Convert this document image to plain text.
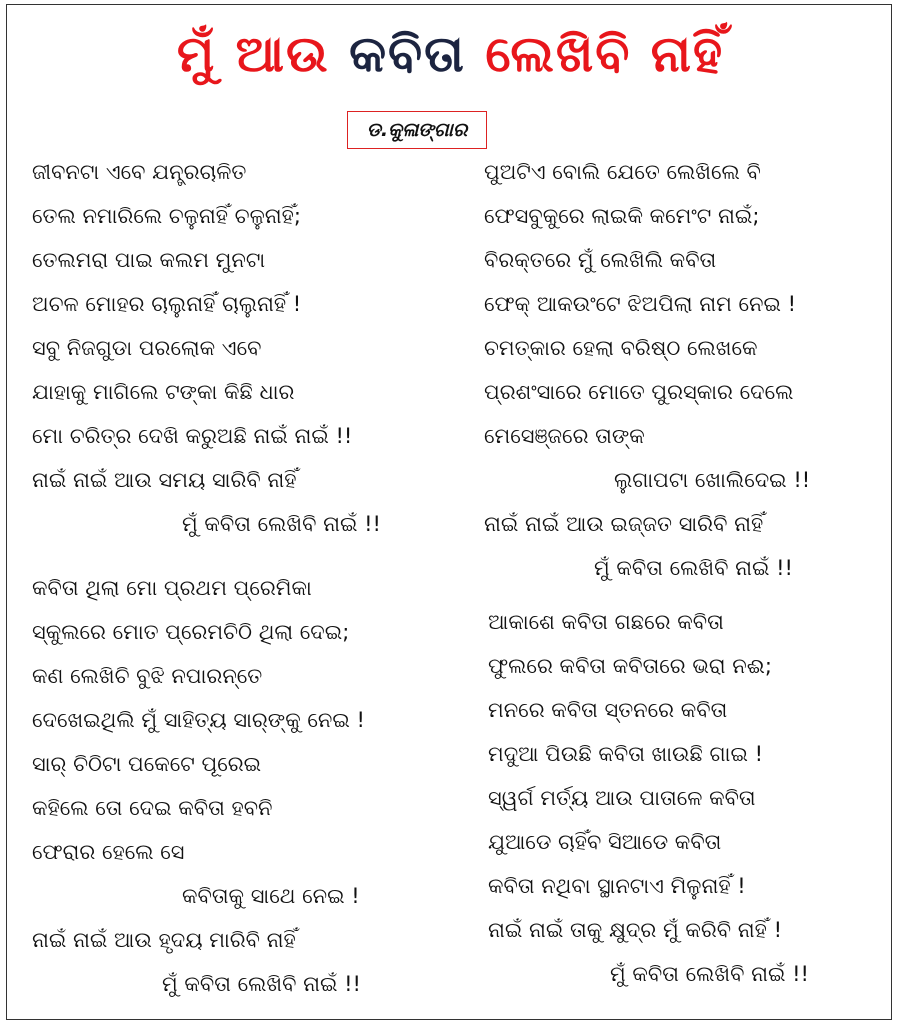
ମୁଁ ଆଉ କବିତା ଲେଖିବି ନାହିଁ
ଡ.କୁଳାଙ୍ଗାର
ଜୀବନଟା ଏବେ ଯନ୍ତ୍ରଚାଳିତ
ତେଲ ନମାରିଲେ ଚଳୁନାହିଁ ଚଳୁନାହିଁ;
ତେଲମରା ପାଇ କଲମ ମୁନଟା
ଅଚଳ ମୋହର ଚାଲୁନାହିଁ ଚାଲୁନାହିଁ !
ସବୁ ନିଜଗୁଡା ପରଲୋକ ଏବେ
ଯାହାକୁ ମାଗିଲେ ଟଙ୍କା କିଛି ଧାର
ମୋ ଚରିତ୍ର ଦେଖି କରୁଅଛି ନାଇଁ ନାଇଁ !!
ନାଇଁ ନାଇଁ ଆଉ ସମୟ ସାରିବି ନାହିଁ
ମୁଁ କବିତା ଲେଖିବି ନାଇଁ !!
କବିତା ଥିଲା ମୋ ପ୍ରଥମ ପ୍ରେମିକା
ସ୍କୁଲରେ ମୋତ ପ୍ରେମଚିଠି ଥିଲା ଦେଇ;
କଣ ଲେଖିଚି ବୁଝି ନପାରନ୍ତେ
ଦେଖେଇଥିଲି ମୁଁ ସାହିତ୍ୟ ସାର୍‌ଙ୍କୁ ନେଇ !
ସାର୍ ଚିଠିଟା ପକେଟେ ପୂରେଇ
କହିଲେ ତୋ ଦେଇ କବିତା ହବନି
ଫେରାର ହେଲେ ସେ
କବିତାକୁ ସାଥେ ନେଇ !
ନାଇଁ ନାଇଁ ଆଉ ହୃଦୟ ମାରିବି ନାହିଁ
ମୁଁ କବିତା ଲେଖିବି ନାଇଁ !!
ପୁଅଟିଏ ବୋଲି ଯେତେ ଲେଖିଲେ ବି
ଫେସବୁକୁରେ ଲାଇକି କମେଂଟ ନାଇଁ;
ବିରକ୍ତରେ ମୁଁ ଲେଖିଲି କବିତା
ଫେକ୍ ଆକଉଂଟେ ଝିଅପିଲା ନାମ ନେଇ !
ଚମତ୍କାର ହେଲା ବରିଷ୍ଠ ଲେଖକେ
ପ୍ରଶଂସାରେ ମୋତେ ପୁରସ୍କାର ଦେଲେ
ମେସେଞ୍ଜରେ ତାଙ୍କ
ଲୁଗାପଟା ଖୋଲିଦେଇ !!
ନାଇଁ ନାଇଁ ଆଉ ଇଜ୍ଜତ ସାରିବି ନାହିଁ
ମୁଁ କବିତା ଲେଖିବି ନାଇଁ !!
ଆକାଶେ କବିତା ଗଛରେ କବିତା
ଫୁଲରେ କବିତା କବିତାରେ ଭରା ନଈ;
ମନରେ କବିତା ସ୍ତନରେ କବିତା
ମଦୁଆ ପିଉଛି କବିତା ଖାଉଛି ଗାଇ !
ସ୍ୱର୍ଗ ମର୍ତ୍ୟ ଆଉ ପାତାଳେ କବିତା
ଯୁଆଡେ ଚାହିଁବ ସିଆଡେ କବିତା
କବିତା ନଥିବା ସ୍ଥାନଟାଏ ମିଳୁନାହିଁ !
ନାଇଁ ନାଇଁ ତାକୁ କ୍ଷୁଦ୍ର ମୁଁ କରିବି ନାହିଁ !
ମୁଁ କବିତା ଲେଖିବି ନାଇଁ !!
